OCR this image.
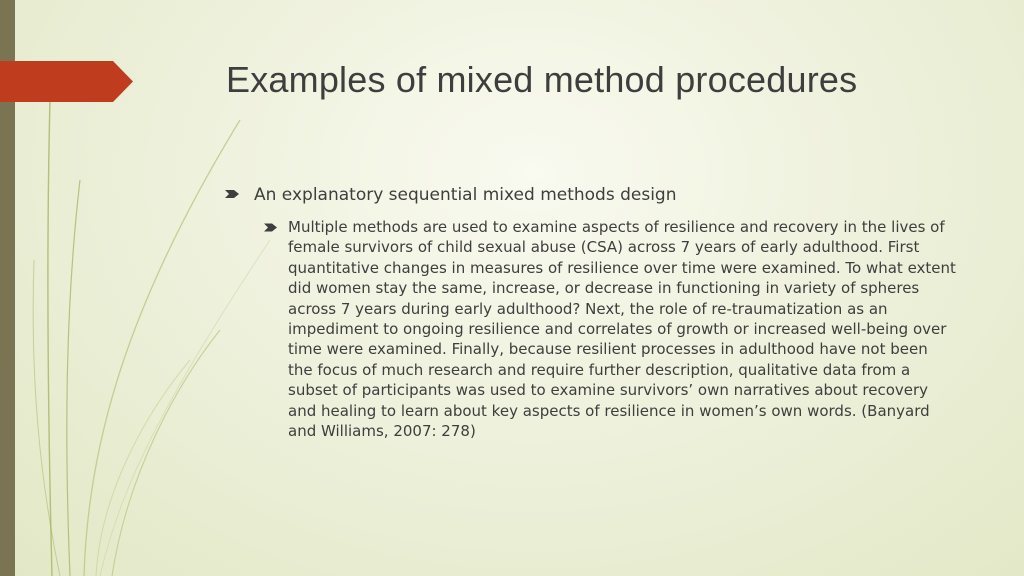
Examples of mixed method procedures
An explanatory sequential mixed methods design
Multiple methods are used to examine aspects of resilience and recovery in the lives of female survivors of child sexual abuse (CSA) across 7 years of early adulthood. First quantitative changes in measures of resilience over time were examined. To what extent did women stay the same, increase, or decrease in functioning in variety of spheres across 7 years during early adulthood? Next, the role of re-traumatization as an impediment to ongoing resilience and correlates of growth or increased well-being over time were examined. Finally, because resilient processes in adulthood have not been the focus of much research and require further description, qualitative data from a subset of participants was used to examine survivors’ own narratives about recovery and healing to learn about key aspects of resilience in women’s own words. (Banyard and Williams, 2007: 278)
